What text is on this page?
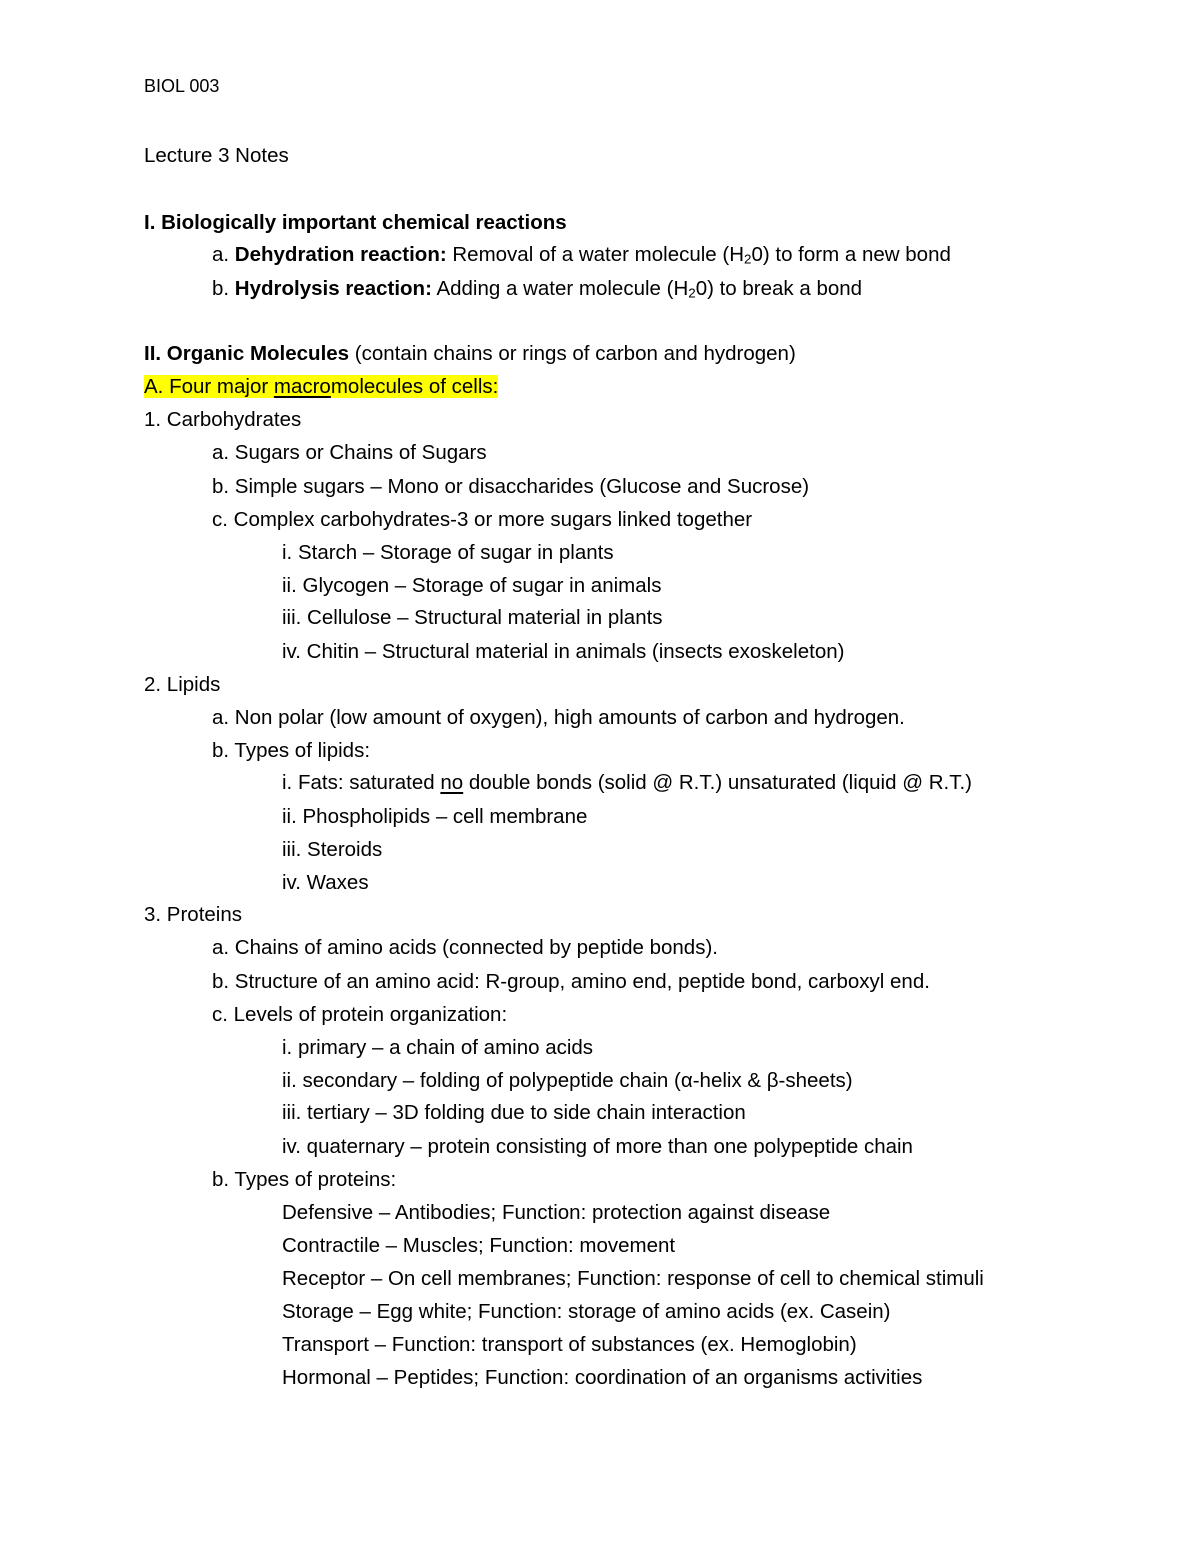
BIOL 003
Lecture 3 Notes
I. Biologically important chemical reactions
a. Dehydration reaction: Removal of a water molecule $(H_20)$ to form a new bond
b. Hydrolysis reaction: Adding a water molecule $(H_20)$ to break a bond
II. Organic Molecules (contain chains or rings of carbon and hydrogen)
A. Four major macromolecules of cells:
1. Carbohydrates
a. Sugars or Chains of Sugars
b. Simple sugars – Mono or disaccharides (Glucose and Sucrose)
c. Complex carbohydrates-3 or more sugars linked together
i. Starch – Storage of sugar in plants
ii. Glycogen – Storage of sugar in animals
iii. Cellulose – Structural material in plants
iv. Chitin – Structural material in animals (insects exoskeleton)
2. Lipids
a. Non polar (low amount of oxygen), high amounts of carbon and hydrogen.
b. Types of lipids:
i. Fats: saturated no double bonds (solid @ R.T.) unsaturated (liquid @ R.T.)
ii. Phospholipids – cell membrane
iii. Steroids
iv. Waxes
3. Proteins
a. Chains of amino acids (connected by peptide bonds).
b. Structure of an amino acid: R-group, amino end, peptide bond, carboxyl end.
c. Levels of protein organization:
i. primary – a chain of amino acids
ii. secondary – folding of polypeptide chain (α-helix & β-sheets)
iii. tertiary – 3D folding due to side chain interaction
iv. quaternary – protein consisting of more than one polypeptide chain
b. Types of proteins:
Defensive – Antibodies; Function: protection against disease
Contractile – Muscles; Function: movement
Receptor – On cell membranes; Function: response of cell to chemical stimuli
Storage – Egg white; Function: storage of amino acids (ex. Casein)
Transport – Function: transport of substances (ex. Hemoglobin)
Hormonal – Peptides; Function: coordination of an organisms activities
